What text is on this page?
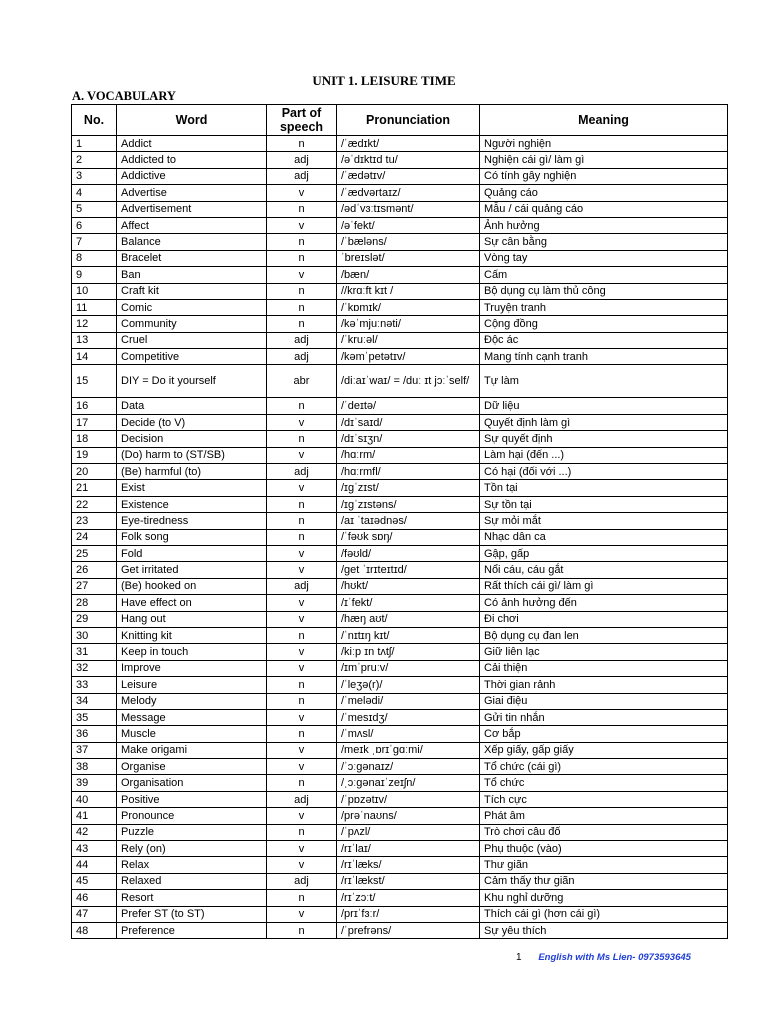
UNIT 1. LEISURE TIME
A. VOCABULARY
No.	Word	Part of speech	Pronunciation	Meaning
1	Addict	n	/ˈædɪkt/	Người nghiện
2	Addicted to	adj	/əˈdɪktɪd tu/	Nghiện cái gì/ làm gì
3	Addictive	adj	/ˈædətɪv/	Có tính gây nghiện
4	Advertise	v	/ˈædvərtaɪz/	Quảng cáo
5	Advertisement	n	/ədˈvɜːtɪsmənt/	Mẫu / cái quảng cáo
6	Affect	v	/əˈfekt/	Ảnh hưởng
7	Balance	n	/ˈbæləns/	Sự cân bằng
8	Bracelet	n	ˈbreɪslət/	Vòng tay
9	Ban	v	/bæn/	Cấm
10	Craft kit	n	//krɑːft kɪt /	Bộ dụng cụ làm thủ công
11	Comic	n	/ˈkɒmɪk/	Truyện tranh
12	Community	n	/kəˈmjuːnəti/	Cộng đồng
13	Cruel	adj	/ˈkruːəl/	Độc ác
14	Competitive	adj	/kəmˈpetətɪv/	Mang tính cạnh tranh
15	DIY = Do it yourself	abr	/diːaɪˈwaɪ/ = /duː ɪt jɔːˈself/	Tự làm
16	Data	n	/ˈdeɪtə/	Dữ liệu
17	Decide (to V)	v	/dɪˈsaɪd/	Quyết định làm gì
18	Decision	n	/dɪˈsɪʒn/	Sự quyết định
19	(Do) harm to (ST/SB)	v	/hɑːrm/	Làm hại (đến ...)
20	(Be) harmful (to)	adj	/hɑːrmfl/	Có hại (đối với ...)
21	Exist	v	/ɪɡˈzɪst/	Tồn tại
22	Existence	n	/ɪɡˈzɪstəns/	Sự tồn tại
23	Eye-tiredness	n	/aɪ ˈtaɪədnəs/	Sự mỏi mắt
24	Folk song	n	/ˈfəʊk sɒŋ/	Nhạc dân ca
25	Fold	v	/fəʊld/	Gập, gấp
26	Get irritated	v	/get ˈɪrɪteɪtɪd/	Nổi cáu, cáu gắt
27	(Be) hooked on	adj	/hʊkt/	Rất thích cái gì/ làm gì
28	Have effect on	v	/ɪˈfekt/	Có ảnh hưởng đến
29	Hang out	v	/hæŋ aʊt/	Đi chơi
30	Knitting kit	n	/ˈnɪtɪŋ kɪt/	Bộ dụng cụ đan len
31	Keep in touch	v	/kiːp ɪn tʌtʃ/	Giữ liên lạc
32	Improve	v	/ɪmˈpruːv/	Cải thiện
33	Leisure	n	/ˈleʒə(r)/	Thời gian rảnh
34	Melody	n	/ˈmelədi/	Giai điệu
35	Message	v	/ˈmesɪdʒ/	Gửi tin nhắn
36	Muscle	n	/ˈmʌsl/	Cơ bắp
37	Make origami	v	/meɪk ˌɒrɪˈɡɑːmi/	Xếp giấy, gấp giấy
38	Organise	v	/ˈɔːɡənaɪz/	Tổ chức (cái gì)
39	Organisation	n	/ˌɔːɡənaɪˈzeɪʃn/	Tổ chức
40	Positive	adj	/ˈpɒzətɪv/	Tích cực
41	Pronounce	v	/prəˈnaʊns/	Phát âm
42	Puzzle	n	/ˈpʌzl/	Trò chơi câu đố
43	Rely (on)	v	/rɪˈlaɪ/	Phụ thuộc (vào)
44	Relax	v	/rɪˈlæks/	Thư giãn
45	Relaxed	adj	/rɪˈlækst/	Cảm thấy thư giãn
46	Resort	n	/rɪˈzɔːt/	Khu nghỉ dưỡng
47	Prefer ST (to ST)	v	/prɪˈfɜːr/	Thích cái gì (hơn cái gì)
48	Preference	n	/ˈprefrəns/	Sự yêu thích
1 English with Ms Lien- 0973593645
